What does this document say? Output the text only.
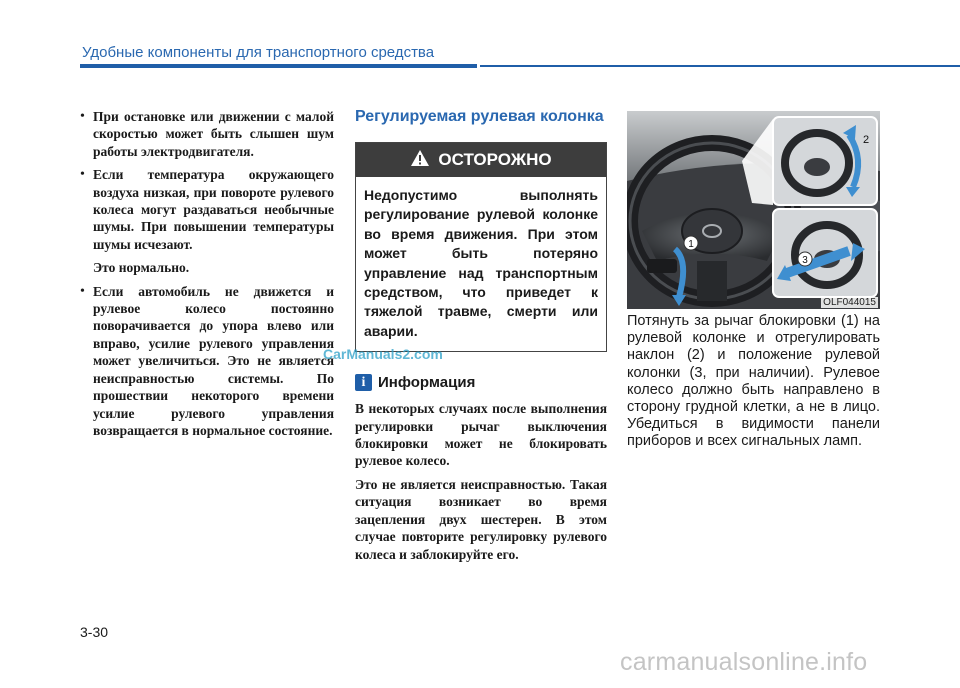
Удобные компоненты для транспортного средства
• При остановке или движении с малой скоростью может быть слышен шум работы электродвигателя.

• Если температура окружающего воздуха низкая, при повороте рулевого колеса могут раздаваться необычные шумы. При повышении температуры шумы исчезают.

Это нормально.

• Если автомобиль не движется и рулевое колесо постоянно поворачивается до упора влево или вправо, усилие рулевого управления может увеличиться. Это не является неисправностью системы. По прошествии некоторого времени усилие рулевого управления возвращается в нормальное состояние.

Регулируемая рулевая колонка
ОСТОРОЖНО
Недопустимо выполнять регулирование рулевой колонке во время движения. При этом может быть потеряно управление над транспортным средством, что приведет к тяжелой травме, смерти или аварии.
i Информация

В некоторых случаях после выполнения регулировки рычаг выключения блокировки может не блокировать рулевое колесо.

Это не является неисправностью. Такая ситуация возникает во время зацепления двух шестерен. В этом случае повторите регулировку рулевого колеса и заблокируйте его.

1
2
3
OLF044015

Потянуть за рычаг блокировки (1) на рулевой колонке и отрегулировать наклон (2) и положение рулевой колонки (3, при наличии). Рулевое колесо должно быть направлено в сторону грудной клетки, а не в лицо. Убедиться в видимости панели приборов и всех сигнальных ламп.

3-30
CarManuals2.com
carmanualsonline.info
